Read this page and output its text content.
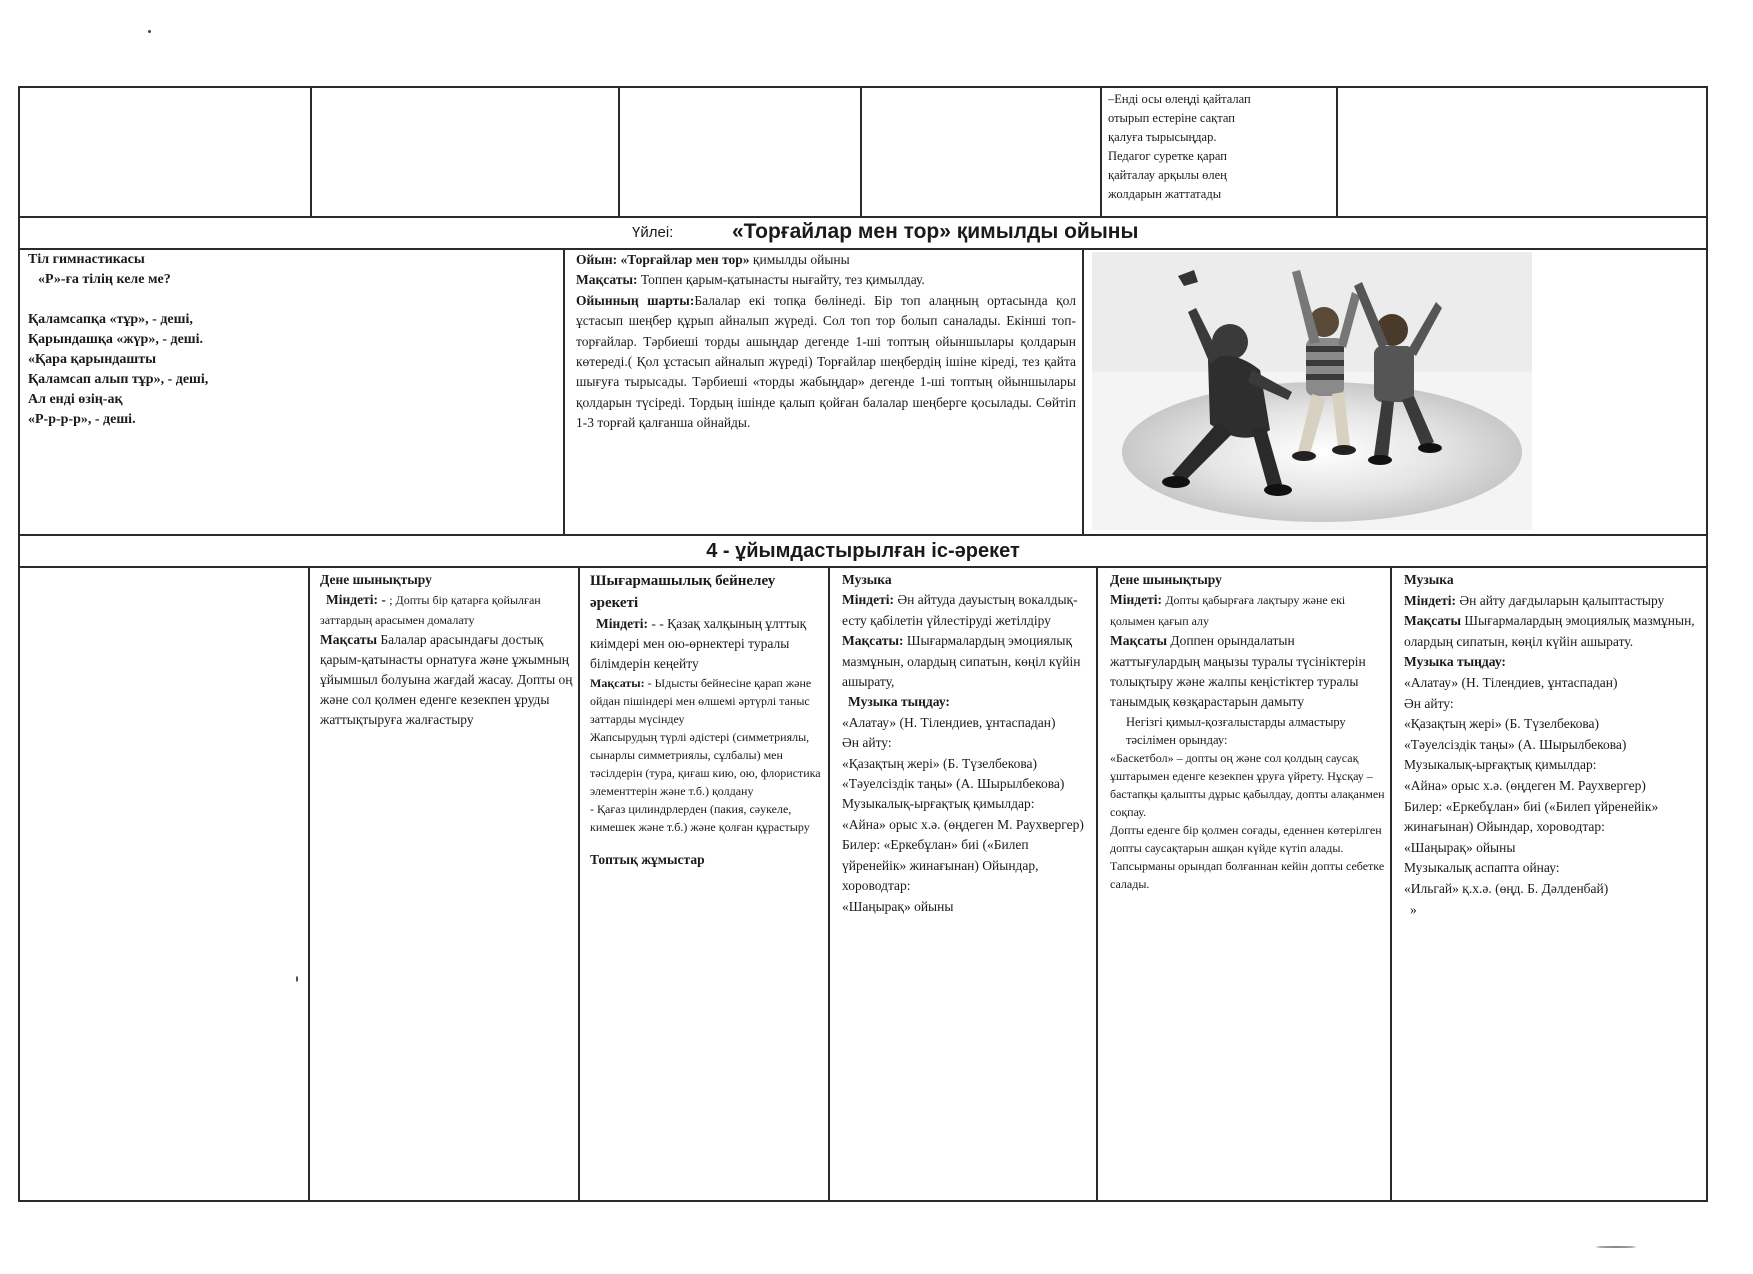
–Енді осы өлеңді қайталап

отырып естеріне сақтап

қалуға тырысыңдар.

Педагог суретке қарап

қайталау арқылы өлең

жолдарын жаттатады

Үйлеі:	«Торғайлар мен тор» қимылды ойыны

Тіл гимнастикасы

«Р»-ға тілің келе ме?

Қаламсапқа «тұр», - деші,

Қарындашқа «жүр», - деші.

«Қара қарындашты

Қаламсап алып тұр», - деші,

Ал енді өзің-ақ

«Р-р-р-р», - деші.

Ойын: «Торғайлар мен тор» қимылды ойыны

Мақсаты: Топпен қарым-қатынасты нығайту, тез қимылдау.

Ойынның шарты:Балалар екі топқа бөлінеді. Бір топ алаңның ортасында қол ұстасып шеңбер құрып айналып жүреді. Сол топ тор болып саналады. Екінші топ-торғайлар. Тәрбиеші торды ашыңдар дегенде 1-ші топтың ойыншылары қолдарын көтереді.( Қол ұстасып айналып жүреді) Торғайлар шеңбердің ішіне кіреді, тез қайта шығуға тырысады. Тәрбиеші «торды жабыңдар» дегенде 1-ші топтың ойыншылары қолдарын түсіреді. Тордың ішінде қалып қойған балалар шеңберге қосылады. Сөйтіп 1-3 торғай қалғанша ойнайды.

4 - ұйымдастырылған іс-әрекет

Дене шынықтыру

Міндеті: - ; Допты бір қатарға қойылған заттардың арасымен домалату

Мақсаты Балалар арасындағы достық қарым-қатынасты орнатуға және ұжымның ұйымшыл болуына жағдай жасау. Допты оң және сол қолмен еденге кезекпен ұруды жаттықтыруға жалғастыру

Шығармашылық бейнелеу әрекеті

Міндеті: - - Қазақ халқының ұлттық киімдері мен ою-өрнектері туралы білімдерін кеңейту

Мақсаты: - Ыдысты бейнесіне қарап және ойдан пішіндері мен өлшемі әртүрлі таныс заттарды мүсіндеу

Жапсырудың түрлі әдістері (симметриялы, сынарлы симметриялы, сұлбалы) мен тәсілдерін (тура, қиғаш кию, ою, флористика элементтерін және т.б.) қолдану

- Қағаз цилиндрлерден (пакия, сәукеле, кимешек және т.б.) және қолған құрастыру

Топтық жұмыстар

Музыка

Міндеті: Ән айтуда дауыстың вокалдық-есту қабілетін үйлестіруді жетілдіру

Мақсаты: Шығармалардың эмоциялық мазмұнын, олардың сипатын, көңіл күйін ашырату,

Музыка тыңдау:

«Алатау» (Н. Тілендиев, ұнтаспадан)

Ән айту:

«Қазақтың жері» (Б. Түзелбекова)

«Тәуелсіздік таңы» (А. Шырылбекова)

Музыкалық-ырғақтық қимылдар:

«Айна» орыс х.ә. (өңдеген М. Раухвергер)

Билер: «Еркебұлан» биі («Билеп үйренейік» жинағынан) Ойындар, хороводтар:

«Шаңырақ» ойыны

Дене шынықтыру

Міндеті: Допты қабырғаға лақтыру және екі қолымен қағып алу

Мақсаты Доппен орындалатын жаттығулардың маңызы туралы түсініктерін толықтыру және жалпы кеңістіктер туралы танымдық көзқарастарын дамыту

Негізгі қимыл-қозғалыстарды алмастыру тәсілімен орындау:

«Баскетбол» – допты оң және сол қолдың саусақ ұштарымен еденге кезекпен ұруға үйрету. Нұсқау – бастапқы қалыпты дұрыс қабылдау, допты алақанмен соқпау.

Допты еденге бір қолмен соғады, еденнен көтерілген допты саусақтарын ашқан күйде күтіп алады.

Тапсырманы орындап болғаннан кейін допты себетке салады.

Музыка

Міндеті: Ән айту дағдыларын қалыптастыру

Мақсаты Шығармалардың эмоциялық мазмұнын, олардың сипатын, көңіл күйін ашырату.

Музыка тыңдау:

«Алатау» (Н. Тілендиев, ұнтаспадан)

Ән айту:

«Қазақтың жері» (Б. Түзелбекова)

«Тәуелсіздік таңы» (А. Шырылбекова)

Музыкалық-ырғақтық қимылдар:

«Айна» орыс х.ә. (өңдеген М. Раухвергер)

Билер: «Еркебұлан» биі («Билеп үйренейік» жинағынан) Ойындар, хороводтар:

«Шаңырақ» ойыны

Музыкалық аспапта ойнау:

«Ильгай» қ.х.ә. (өңд. Б. Дәлденбай)

»
